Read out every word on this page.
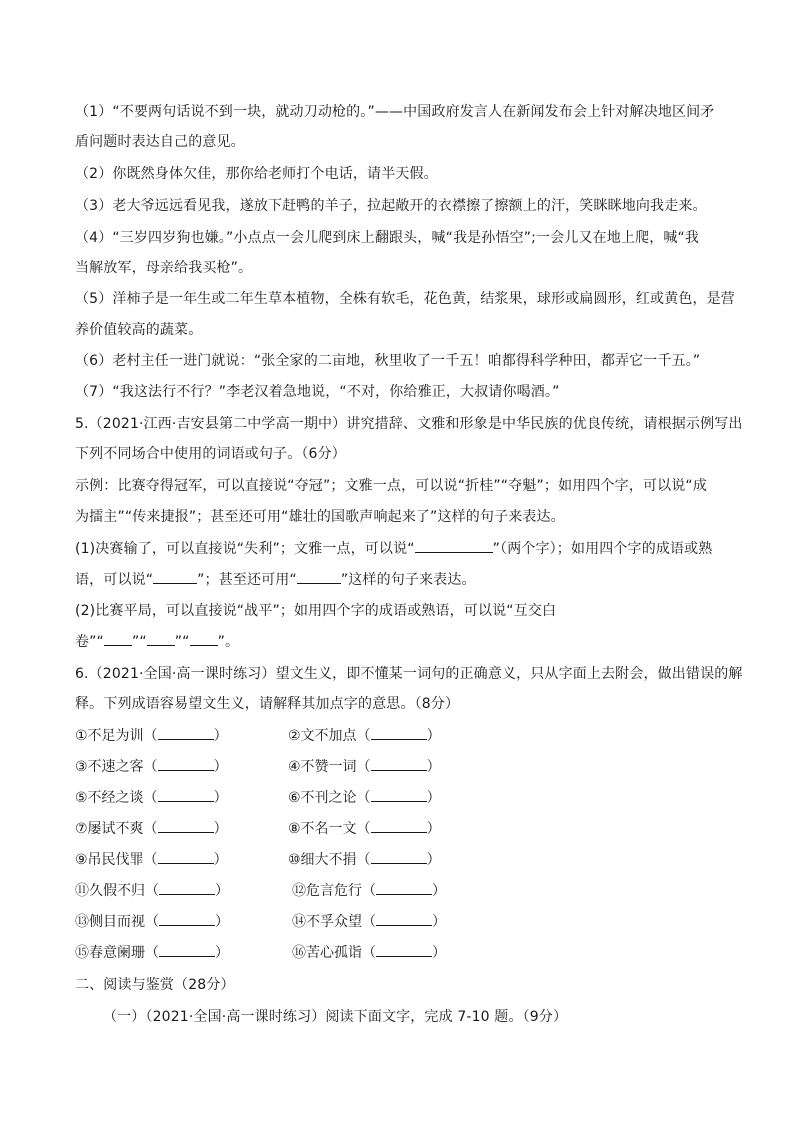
（1）“不要两句话说不到一块，就动刀动枪的。”——中国政府发言人在新闻发布会上针对解决地区间矛
盾问题时表达自己的意见。
（2）你既然身体欠佳，那你给老师打个电话，请半天假。
（3）老大爷远远看见我，遂放下赶鸭的羊子，拉起敞开的衣襟擦了擦额上的汗，笑眯眯地向我走来。
（4）“三岁四岁狗也嫌。”小点点一会儿爬到床上翻跟头，喊“我是孙悟空”;一会儿又在地上爬，喊“我
当解放军，母亲给我买枪”。
（5）洋柿子是一年生或二年生草本植物，全株有软毛，花色黄，结浆果，球形或扁圆形，红或黄色，是营
养价值较高的蔬菜。
（6）老村主任一进门就说：“张全家的二亩地，秋里收了一千五！咱都得科学种田，都弄它一千五。”
（7）“我这法行不行？”李老汉着急地说，“不对，你给雅正，大叔请你喝酒。”
5.（2021·江西·吉安县第二中学高一期中）讲究措辞、文雅和形象是中华民族的优良传统，请根据示例写出
下列不同场合中使用的词语或句子。（6分）
示例：比赛夺得冠军，可以直接说“夺冠”；文雅一点，可以说“折桂”“夺魁”；如用四个字，可以说“成
为擂主”“传来捷报”；甚至还可用“雄壮的国歌声响起来了”这样的句子来表达。
(1)决赛输了，可以直接说“失利”；文雅一点，可以说“	”（两个字）；如用四个字的成语或熟
语，可以说“	”；甚至还可用“	”这样的句子来表达。
(2)比赛平局，可以直接说“战平”；如用四个字的成语或熟语，可以说“互交白
卷”“ ”“ ”“ ”。
6.（2021·全国·高一课时练习）望文生义，即不懂某一词句的正确意义，只从字面上去附会，做出错误的解
释。下列成语容易望文生义，请解释其加点字的意思。（8分）
①不足为训（	）	②文不加点（	）
③不速之客（	）	④不赞一词（	）
⑤不经之谈（	）	⑥不刊之论（	）
⑦屡试不爽（	）	⑧不名一文（	）
⑨吊民伐罪（	）	⑩细大不捐（	）
⑪久假不归（	）	⑫危言危行（	）
⑬侧目而视（	）	⑭不孚众望（	）
⑮春意阑珊（	）	⑯苦心孤诣（	）
二、阅读与鉴赏（28分）
（一）（2021·全国·高一课时练习）阅读下面文字，完成 7-10 题。（9分）
